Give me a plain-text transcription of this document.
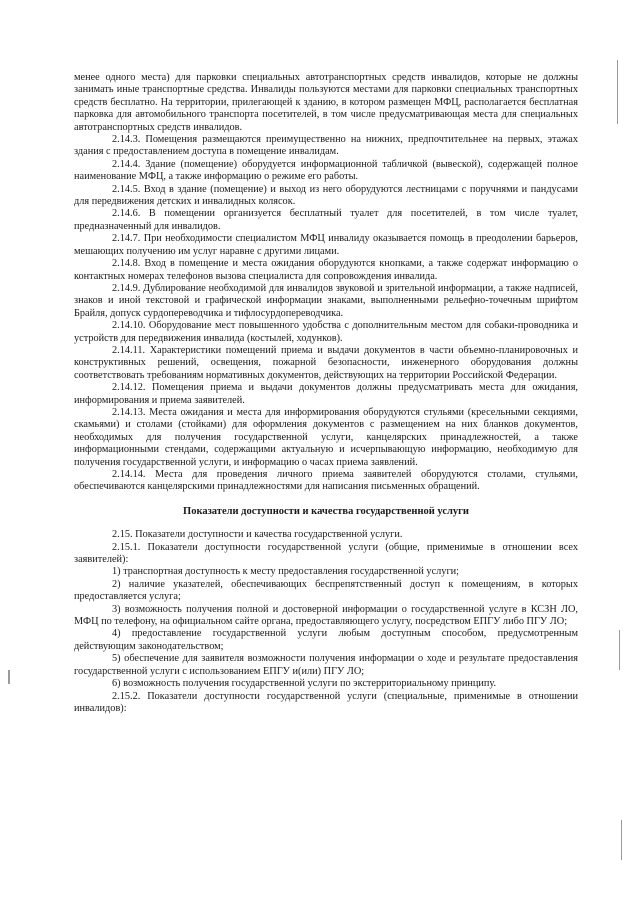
менее одного места) для парковки специальных автотранспортных средств инвалидов, которые не должны занимать иные транспортные средства. Инвалиды пользуются местами для парковки специальных транспортных средств бесплатно. На территории, прилегающей к зданию, в котором размещен МФЦ, располагается бесплатная парковка для автомобильного транспорта посетителей, в том числе предусматривающая места для специальных автотранспортных средств инвалидов.

2.14.3. Помещения размещаются преимущественно на нижних, предпочтительнее на первых, этажах здания с предоставлением доступа в помещение инвалидам.

2.14.4. Здание (помещение) оборудуется информационной табличкой (вывеской), содержащей полное наименование МФЦ, а также информацию о режиме его работы.

2.14.5. Вход в здание (помещение) и выход из него оборудуются лестницами с поручнями и пандусами для передвижения детских и инвалидных колясок.

2.14.6. В помещении организуется бесплатный туалет для посетителей, в том числе туалет, предназначенный для инвалидов.

2.14.7. При необходимости специалистом МФЦ инвалиду оказывается помощь в преодолении барьеров, мешающих получению им услуг наравне с другими лицами.

2.14.8. Вход в помещение и места ожидания оборудуются кнопками, а также содержат информацию о контактных номерах телефонов вызова специалиста для сопровождения инвалида.

2.14.9. Дублирование необходимой для инвалидов звуковой и зрительной информации, а также надписей, знаков и иной текстовой и графической информации знаками, выполненными рельефно-точечным шрифтом Брайля, допуск сурдопереводчика и тифлосурдопереводчика.

2.14.10. Оборудование мест повышенного удобства с дополнительным местом для собаки-проводника и устройств для передвижения инвалида (костылей, ходунков).

2.14.11. Характеристики помещений приема и выдачи документов в части объемно-планировочных и конструктивных решений, освещения, пожарной безопасности, инженерного оборудования должны соответствовать требованиям нормативных документов, действующих на территории Российской Федерации.

2.14.12. Помещения приема и выдачи документов должны предусматривать места для ожидания, информирования и приема заявителей.

2.14.13. Места ожидания и места для информирования оборудуются стульями (кресельными секциями, скамьями) и столами (стойками) для оформления документов с размещением на них бланков документов, необходимых для получения государственной услуги, канцелярских принадлежностей, а также информационными стендами, содержащими актуальную и исчерпывающую информацию, необходимую для получения государственной услуги, и информацию о часах приема заявлений.

2.14.14. Места для проведения личного приема заявителей оборудуются столами, стульями, обеспечиваются канцелярскими принадлежностями для написания письменных обращений.

Показатели доступности и качества государственной услуги

2.15. Показатели доступности и качества государственной услуги.

2.15.1. Показатели доступности государственной услуги (общие, применимые в отношении всех заявителей):

1) транспортная доступность к месту предоставления государственной услуги;

2) наличие указателей, обеспечивающих беспрепятственный доступ к помещениям, в которых предоставляется услуга;

3) возможность получения полной и достоверной информации о государственной услуге в КСЗН ЛО, МФЦ по телефону, на официальном сайте органа, предоставляющего услугу, посредством ЕПГУ либо ПГУ ЛО;

4) предоставление государственной услуги любым доступным способом, предусмотренным действующим законодательством;

5) обеспечение для заявителя возможности получения информации о ходе и результате предоставления государственной услуги с использованием ЕПГУ и(или) ПГУ ЛО;

6) возможность получения государственной услуги по экстерриториальному принципу.

2.15.2. Показатели доступности государственной услуги (специальные, применимые в отношении инвалидов):
